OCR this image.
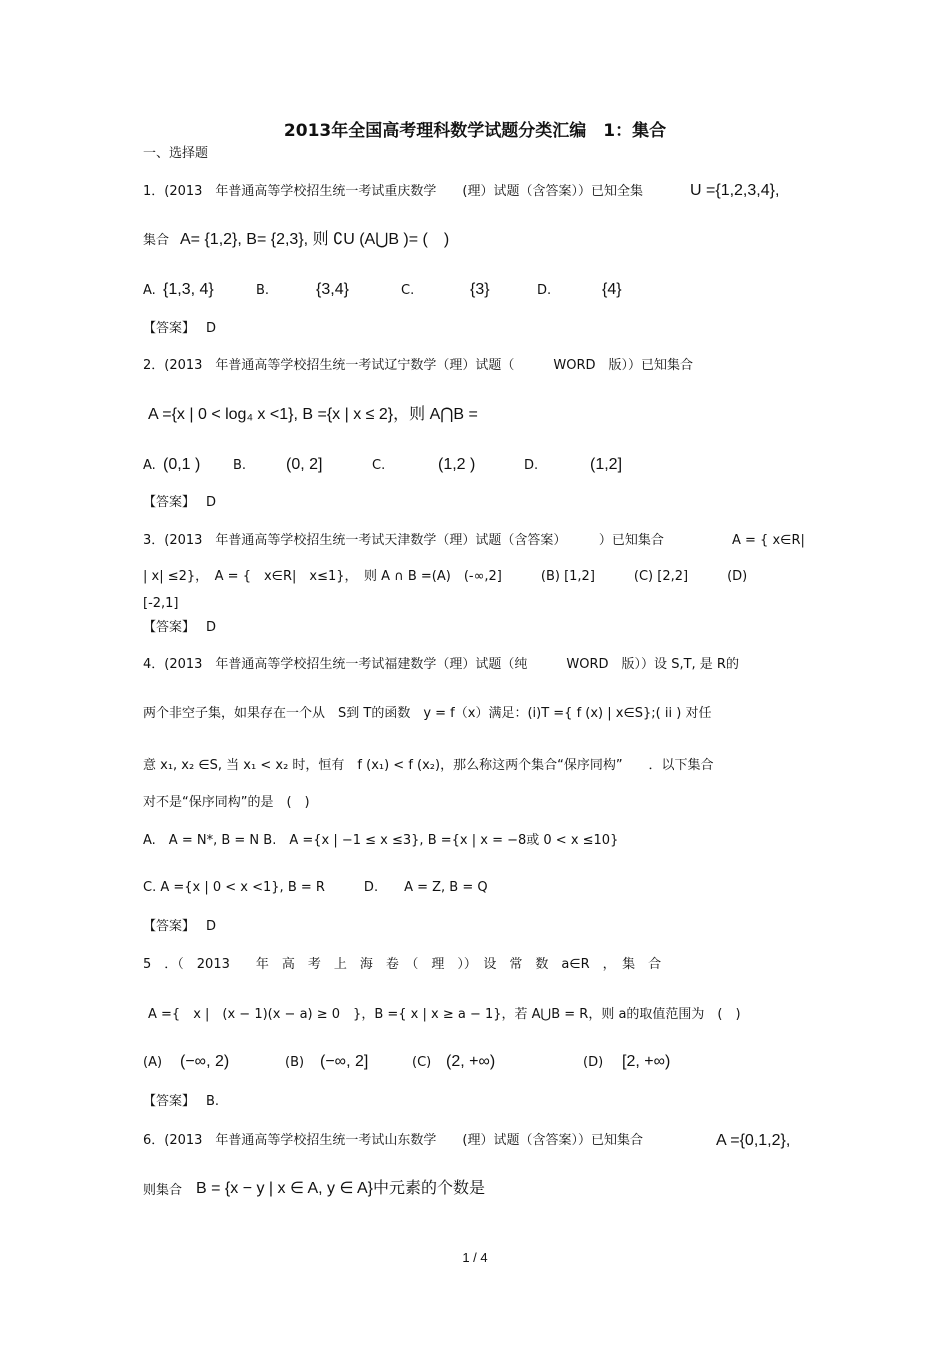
2013年全国高考理科数学试题分类汇编　1：集合
一、选择题
1．(2013　年普通高等学校招生统一考试重庆数学　　(理）试题（含答案））已知全集	U ={1,2,3,4},
集合 A= {1,2}, B= {2,3}, 则 ∁U (A⋃B )= (　)
A. {1,3, 4}	B.	{3,4}	C.	{3}	D.	{4}
【答案】 D
2．(2013　年普通高等学校招生统一考试辽宁数学（理）试题（　　　WORD　版））已知集合
A ={x | 0 < log₄ x <1}, B ={x | x ≤ 2}，则 A⋂B =
A. (0,1 )	B. (0, 2]	C.	(1,2 )	D.	(1,2]
【答案】 D
3．(2013　年普通高等学校招生统一考试天津数学（理）试题（含答案）　　　）已知集合	A = { x∈R|
| x| ≤2}，　A = {　x∈R|　x≤1}，　则 A ∩ B =(A)　(-∞,2]　　　(B) [1,2]　　　(C) [2,2]　　　(D)
[-2,1]
【答案】 D
4．(2013　年普通高等学校招生统一考试福建数学（理）试题（纯　　　WORD　版））设 S,T, 是 R的
两个非空子集，如果存在一个从　S到 T的函数　y = f（x）满足：(i)T ={ f (x) | x∈S};( ii ) 对任
意 x₁, x₂ ∈S, 当 x₁ < x₂ 时，恒有　f (x₁) < f (x₂)，那么称这两个集合“保序同构”　　．以下集合
对不是“保序同构”的是　(　)
A.　A = N*, B = N B.　A ={x | −1 ≤ x ≤3}, B ={x | x = −8或 0 < x ≤10}
C. A ={x | 0 < x <1}, B = R　　　D.　　A = Z, B = Q
【答案】 D
5　．（　2013　　年　高　考　上　海　卷　（　理　））　设　常　数　a∈R　，　集　合
A ={　x |　(x − 1)(x − a) ≥ 0　}，B ={ x | x ≥ a − 1}，若 A⋃B = R，则 a的取值范围为　(　)
(A) (−∞, 2)	(B) (−∞, 2]	(C) (2, +∞)	(D) [2, +∞)
【答案】 B.
6．(2013　年普通高等学校招生统一考试山东数学　　(理）试题（含答案））已知集合	A ={0,1,2},
则集合 B = {x − y | x ∈ A, y ∈ A}中元素的个数是
1 / 4
